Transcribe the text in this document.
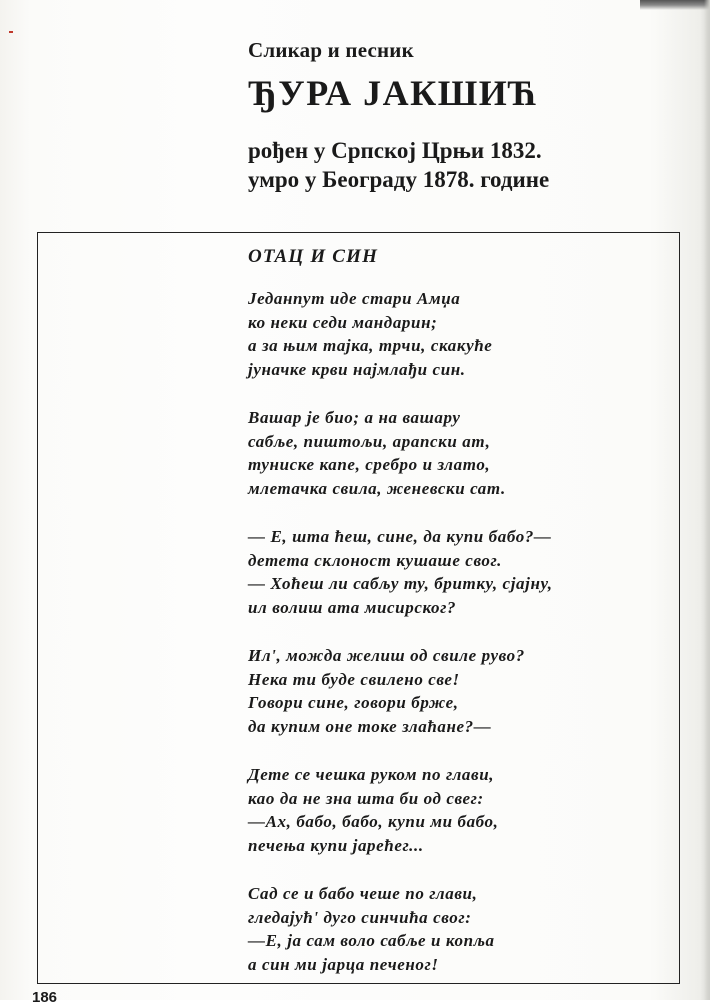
Сликар и песник

ЂУРА ЈАКШИЋ

рођен у Српској Црњи 1832.
умро у Београду 1878. године
ОТАЦ И СИН
Једанпут иде стари Амџа
ко неки седи мандарин;
а за њим тајка, трчи, скакуће
јуначке крви најмлађи син.
Вашар је био; а на вашару
сабље, пиштољи, арапски ат,
туниске капе, сребро и злато,
млетачка свила, женевски сат.
— Е, шта ћеш, сине, да купи бабо?—
детета склоност кушаше свог.
— Хоћеш ли сабљу ту, бритку, сјајну,
ил волиш ата мисирског?
Ил', можда желиш од свиле руво?
Нека ти буде свилено све!
Говори сине, говори брже,
да купим оне токе злаћане?—
Дете се чешка руком по глави,
као да не зна шта би од свег:
—Ах, бабо, бабо, купи ми бабо,
печења купи јарећег...
Сад се и бабо чеше по глави,
гледајућ' дуго синчића свог:
—Е, ја сам воло сабље и копља
а син ми јарца печеног!
186
